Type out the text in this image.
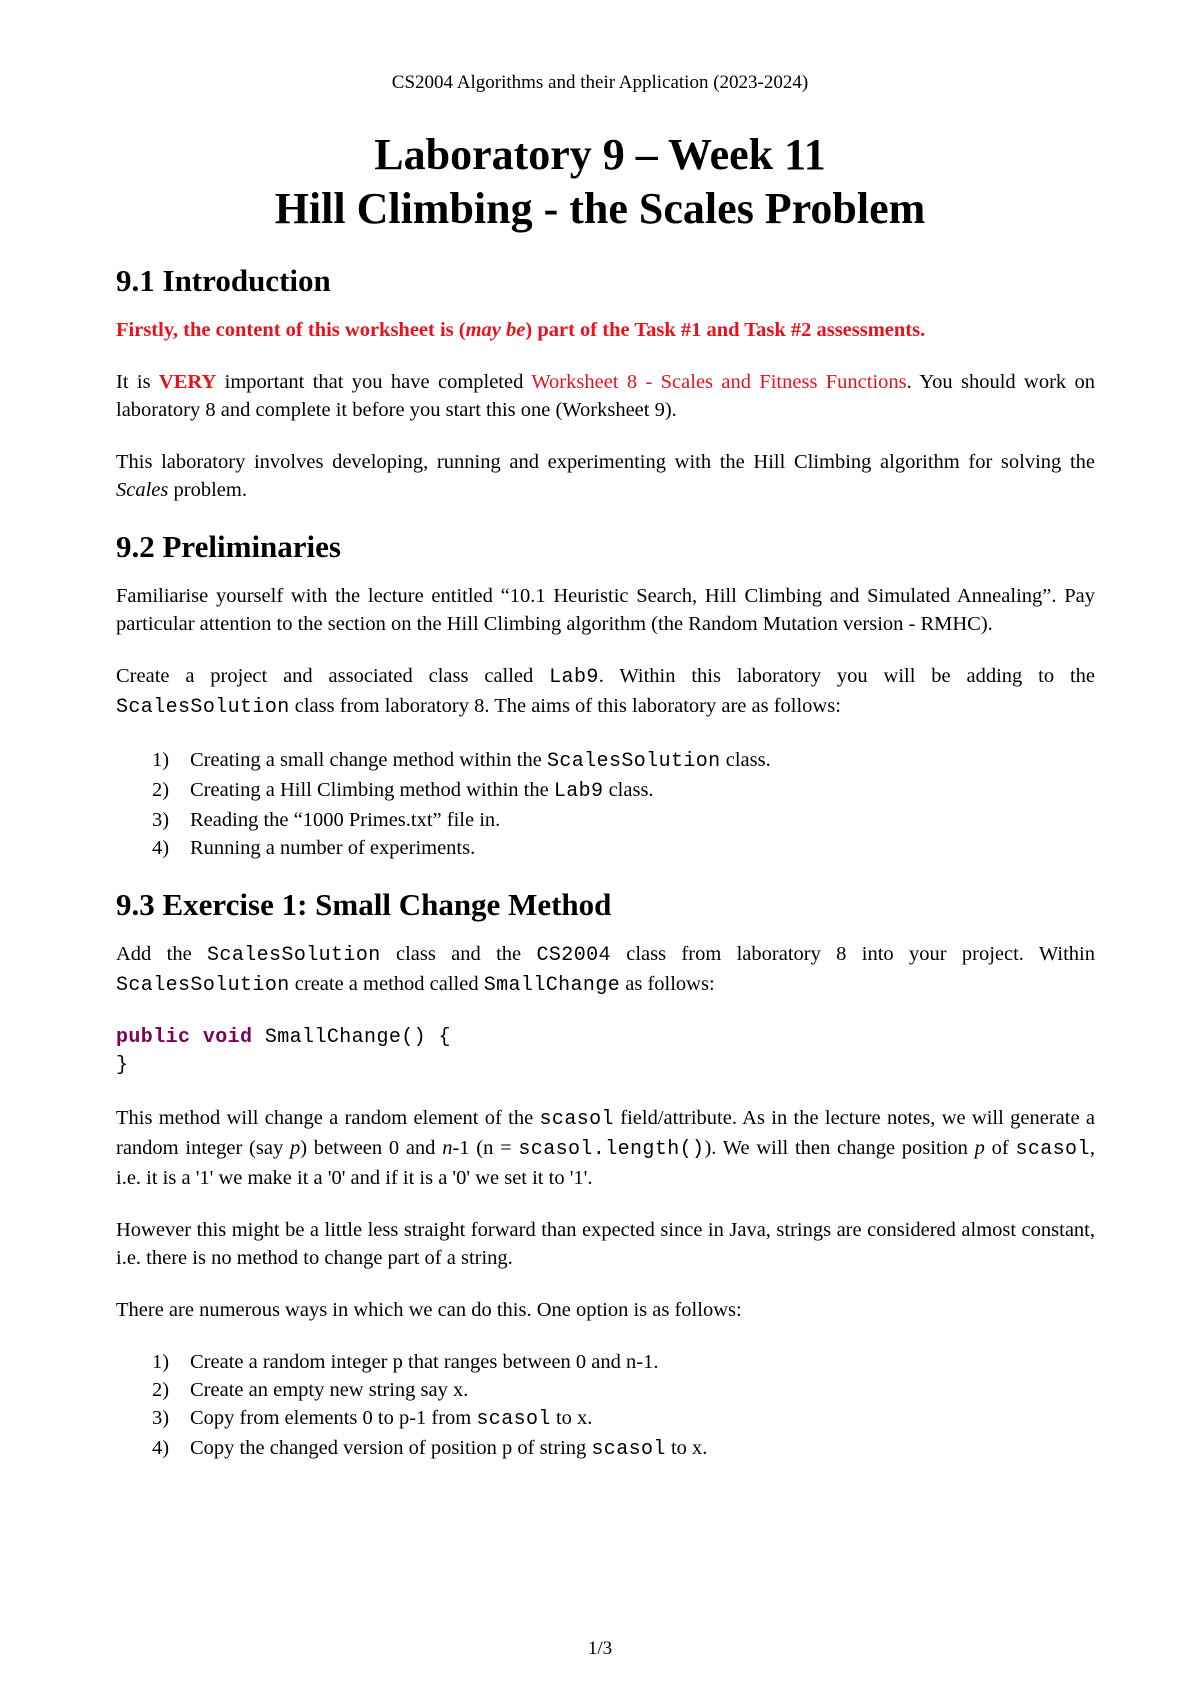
CS2004 Algorithms and their Application (2023-2024)
Laboratory 9 – Week 11
Hill Climbing - the Scales Problem
9.1 Introduction

Firstly, the content of this worksheet is (may be) part of the Task #1 and Task #2 assessments.

It is VERY important that you have completed Worksheet 8 - Scales and Fitness Functions. You should work on laboratory 8 and complete it before you start this one (Worksheet 9).

This laboratory involves developing, running and experimenting with the Hill Climbing algorithm for solving the Scales problem.

9.2 Preliminaries

Familiarise yourself with the lecture entitled “10.1 Heuristic Search, Hill Climbing and Simulated Annealing”. Pay particular attention to the section on the Hill Climbing algorithm (the Random Mutation version - RMHC).

Create a project and associated class called Lab9. Within this laboratory you will be adding to the ScalesSolution class from laboratory 8. The aims of this laboratory are as follows:

1) Creating a small change method within the ScalesSolution class.
2) Creating a Hill Climbing method within the Lab9 class.
3) Reading the “1000 Primes.txt” file in.
4) Running a number of experiments.
9.3 Exercise 1: Small Change Method

Add the ScalesSolution class and the CS2004 class from laboratory 8 into your project. Within ScalesSolution create a method called SmallChange as follows:

public void SmallChange() {
}

This method will change a random element of the scasol field/attribute. As in the lecture notes, we will generate a random integer (say p) between 0 and n-1 (n = scasol.length()). We will then change position p of scasol, i.e. it is a '1' we make it a '0' and if it is a '0' we set it to '1'.

However this might be a little less straight forward than expected since in Java, strings are considered almost constant, i.e. there is no method to change part of a string.

There are numerous ways in which we can do this. One option is as follows:

1) Create a random integer p that ranges between 0 and n-1.
2) Create an empty new string say x.
3) Copy from elements 0 to p-1 from scasol to x.
4) Copy the changed version of position p of string scasol to x.
1/3
